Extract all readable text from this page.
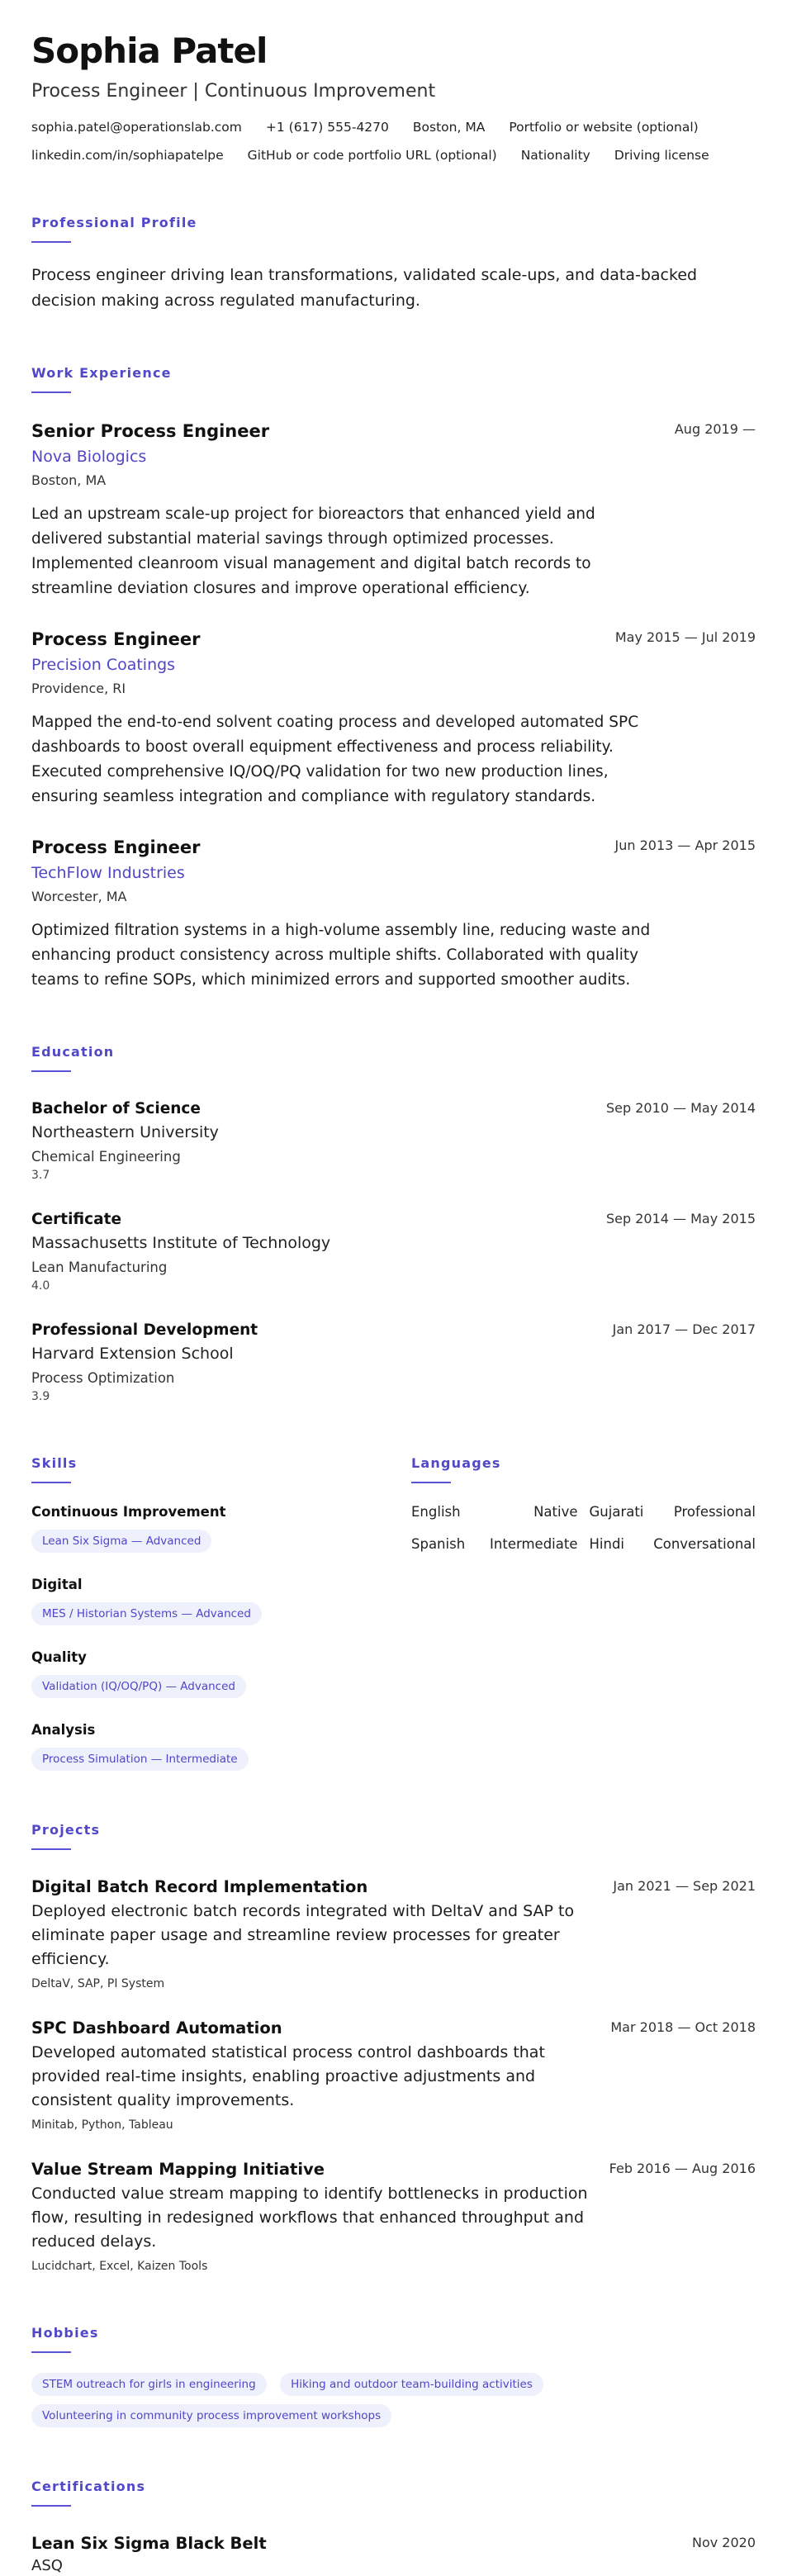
Sophia Patel
Process Engineer | Continuous Improvement
sophia.patel@operationslab.com +1 (617) 555-4270 Boston, MA Portfolio or website (optional)
linkedin.com/in/sophiapatelpe GitHub or code portfolio URL (optional) Nationality Driving license
Professional Profile

Process engineer driving lean transformations, validated scale-ups, and data-backed decision making across regulated manufacturing.

Work Experience
Aug 2019 —
Senior Process Engineer
Nova Biologics
Boston, MA

Led an upstream scale-up project for bioreactors that enhanced yield and delivered substantial material savings through optimized processes. Implemented cleanroom visual management and digital batch records to streamline deviation closures and improve operational efficiency.

May 2015 — Jul 2019
Process Engineer
Precision Coatings
Providence, RI

Mapped the end-to-end solvent coating process and developed automated SPC dashboards to boost overall equipment effectiveness and process reliability. Executed comprehensive IQ/OQ/PQ validation for two new production lines, ensuring seamless integration and compliance with regulatory standards.

Jun 2013 — Apr 2015
Process Engineer
TechFlow Industries
Worcester, MA

Optimized filtration systems in a high-volume assembly line, reducing waste and enhancing product consistency across multiple shifts. Collaborated with quality teams to refine SOPs, which minimized errors and supported smoother audits.

Education
Sep 2010 — May 2014
Bachelor of Science
Northeastern University
Chemical Engineering
3.7
Sep 2014 — May 2015
Certificate
Massachusetts Institute of Technology
Lean Manufacturing
4.0
Jan 2017 — Dec 2017
Professional Development
Harvard Extension School
Process Optimization
3.9
Skills
Continuous Improvement
Lean Six Sigma — Advanced
Digital
MES / Historian Systems — Advanced
Quality
Validation (IQ/OQ/PQ) — Advanced
Analysis
Process Simulation — Intermediate
Languages
English	Native Gujarati Professional
Spanish Intermediate Hindi Conversational
Projects
Jan 2021 — Sep 2021
Digital Batch Record Implementation

Deployed electronic batch records integrated with DeltaV and SAP to eliminate paper usage and streamline review processes for greater efficiency.

DeltaV, SAP, PI System
Mar 2018 — Oct 2018
SPC Dashboard Automation

Developed automated statistical process control dashboards that provided real-time insights, enabling proactive adjustments and consistent quality improvements.

Minitab, Python, Tableau
Feb 2016 — Aug 2016
Value Stream Mapping Initiative

Conducted value stream mapping to identify bottlenecks in production flow, resulting in redesigned workflows that enhanced throughput and reduced delays.

Lucidchart, Excel, Kaizen Tools
Hobbies
STEM outreach for girls in engineering	Hiking and outdoor team-building activities Volunteering in community process improvement workshops
Certifications
Nov 2020
Lean Six Sigma Black Belt
ASQ
